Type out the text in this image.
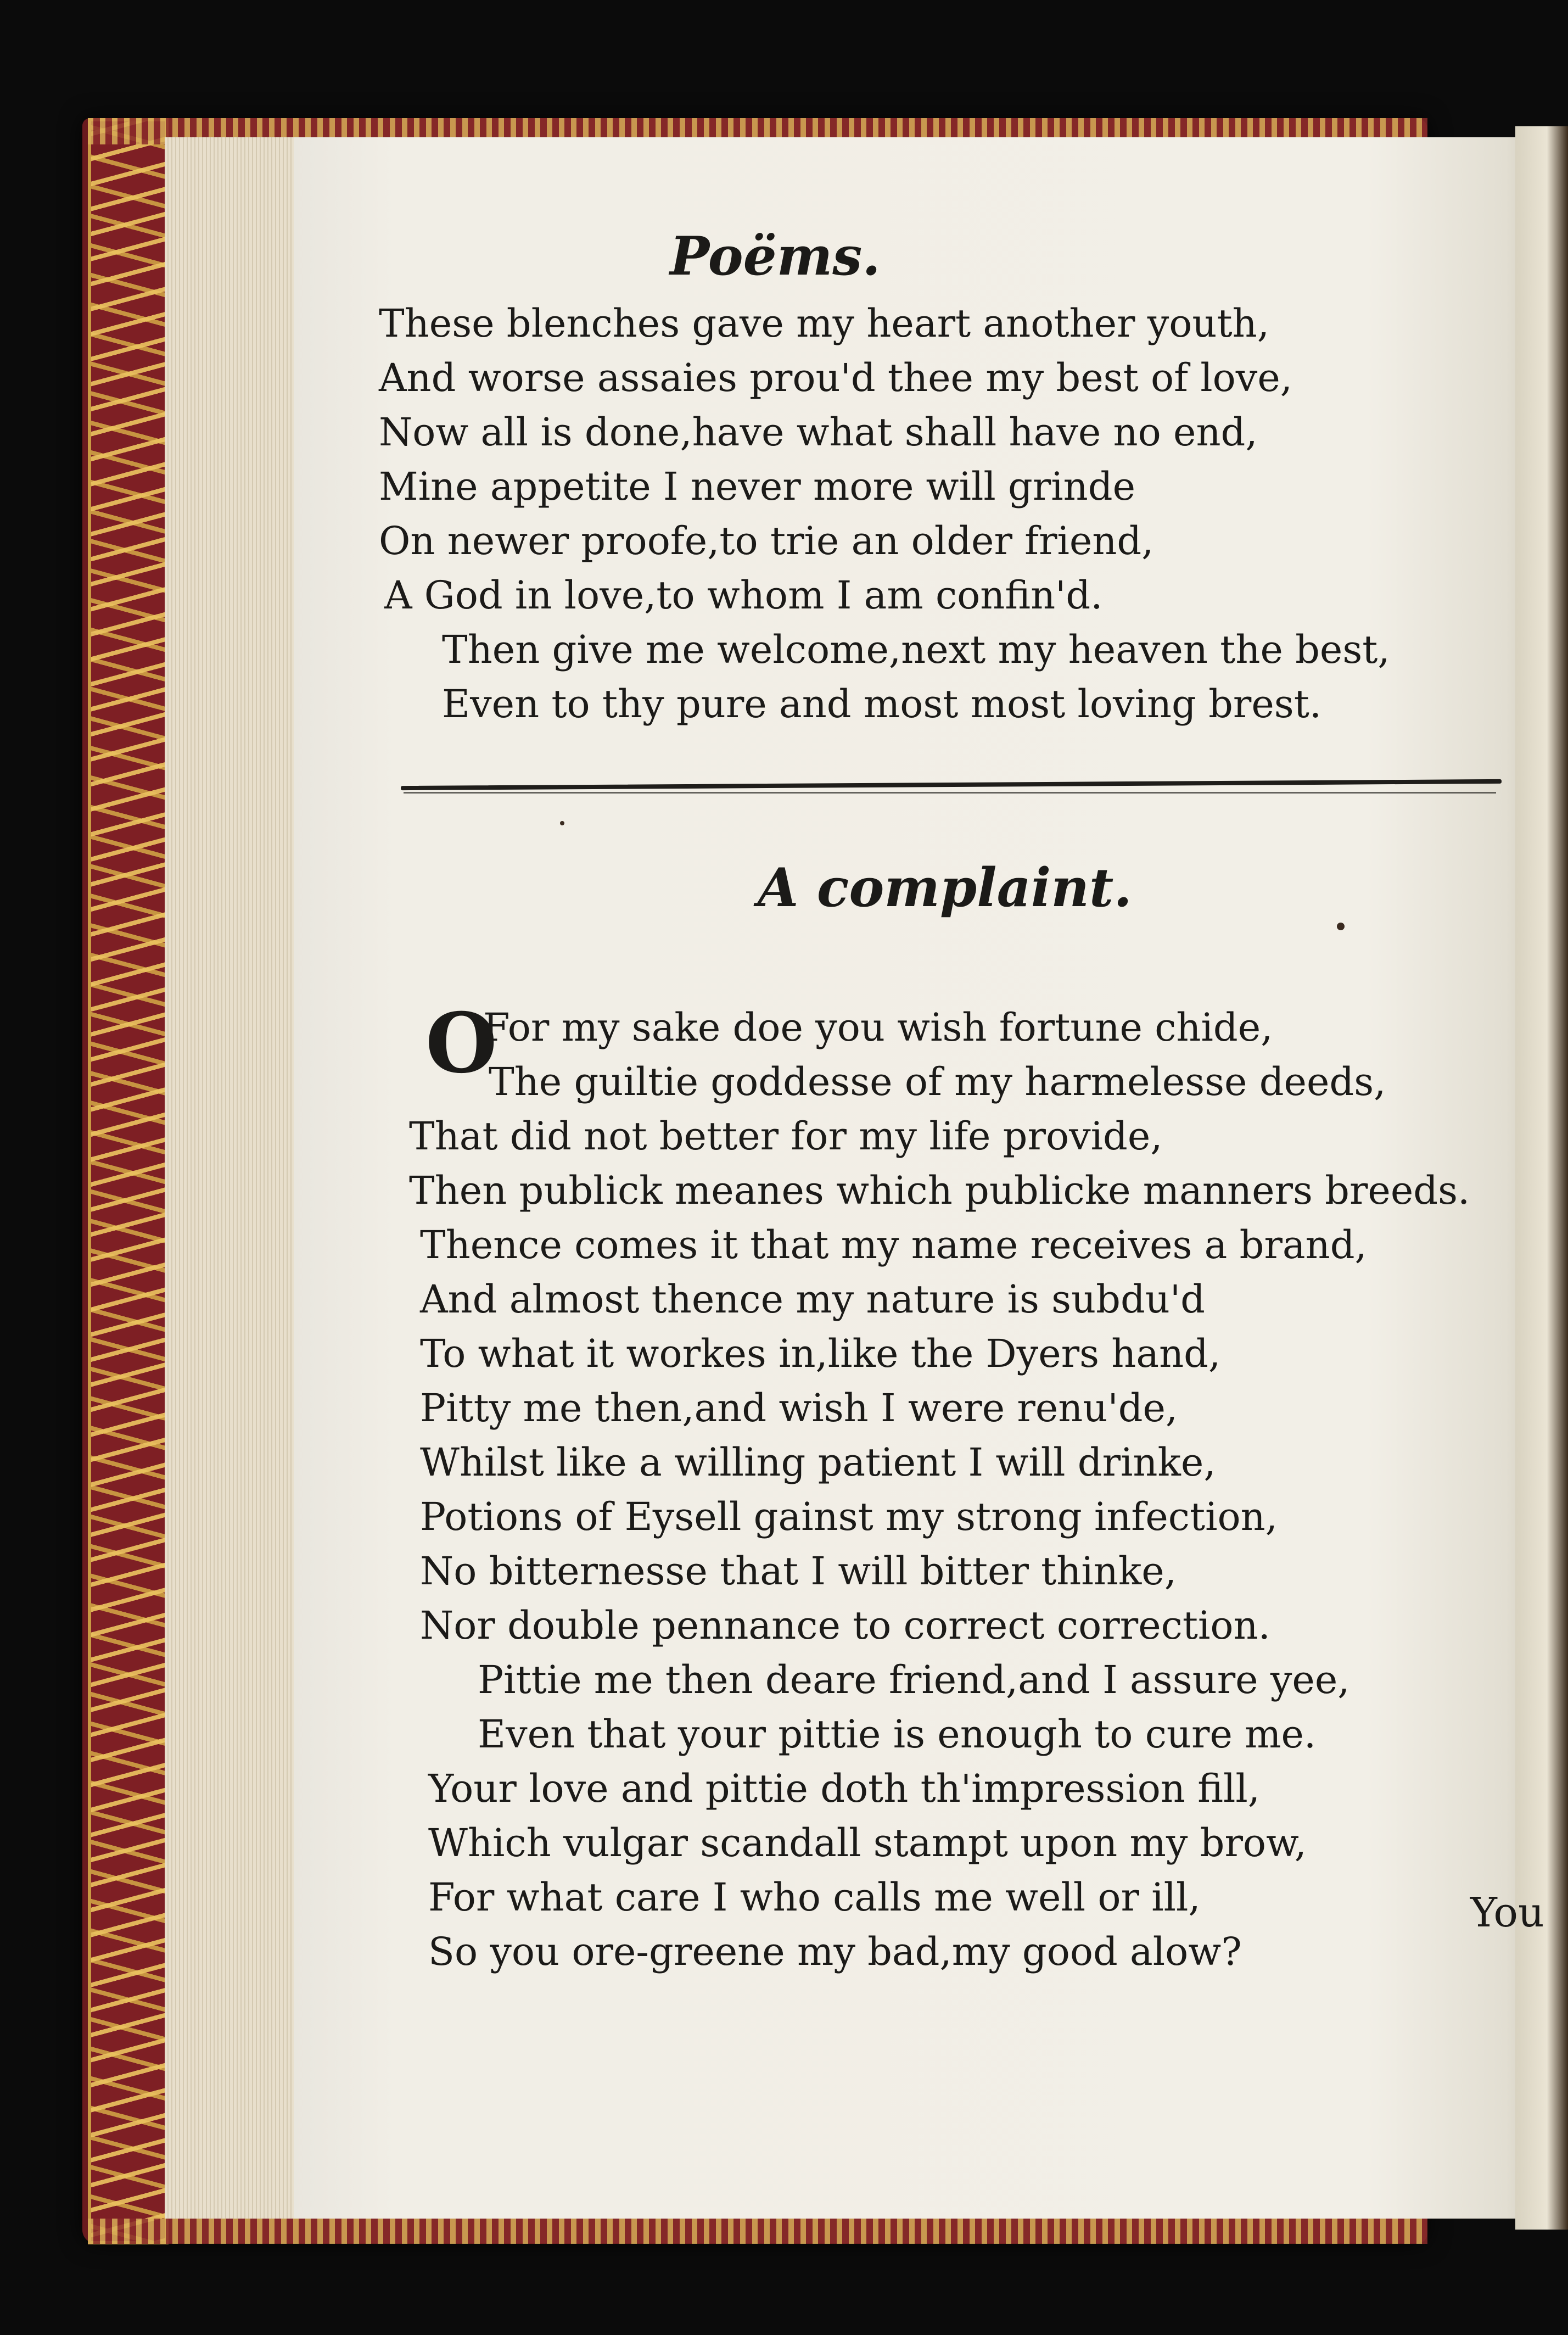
Poëms.
These blenches gave my heart another youth,
And worse assaies prou'd thee my best of love,
Now all is done,have what shall have no end,
Mine appetite I never more will grinde
On newer proofe,to trie an older friend,
A God in love,to whom I am confin'd.
Then give me welcome,next my heaven the best,
Even to thy pure and most most loving brest.
A complaint.
O
For my sake doe you wish fortune chide,
The guiltie goddesse of my harmelesse deeds,
That did not better for my life provide,
Then publick meanes which publicke manners breeds.
Thence comes it that my name receives a brand,
And almost thence my nature is subdu'd
To what it workes in,like the Dyers hand,
Pitty me then,and wish I were renu'de,
Whilst like a willing patient I will drinke,
Potions of Eysell gainst my strong infection,
No bitternesse that I will bitter thinke,
Nor double pennance to correct correction.
Pittie me then deare friend,and I assure yee,
Even that your pittie is enough to cure me.
Your love and pittie doth th'impression fill,
Which vulgar scandall stampt upon my brow,
For what care I who calls me well or ill,
So you ore-greene my bad,my good alow?
You
